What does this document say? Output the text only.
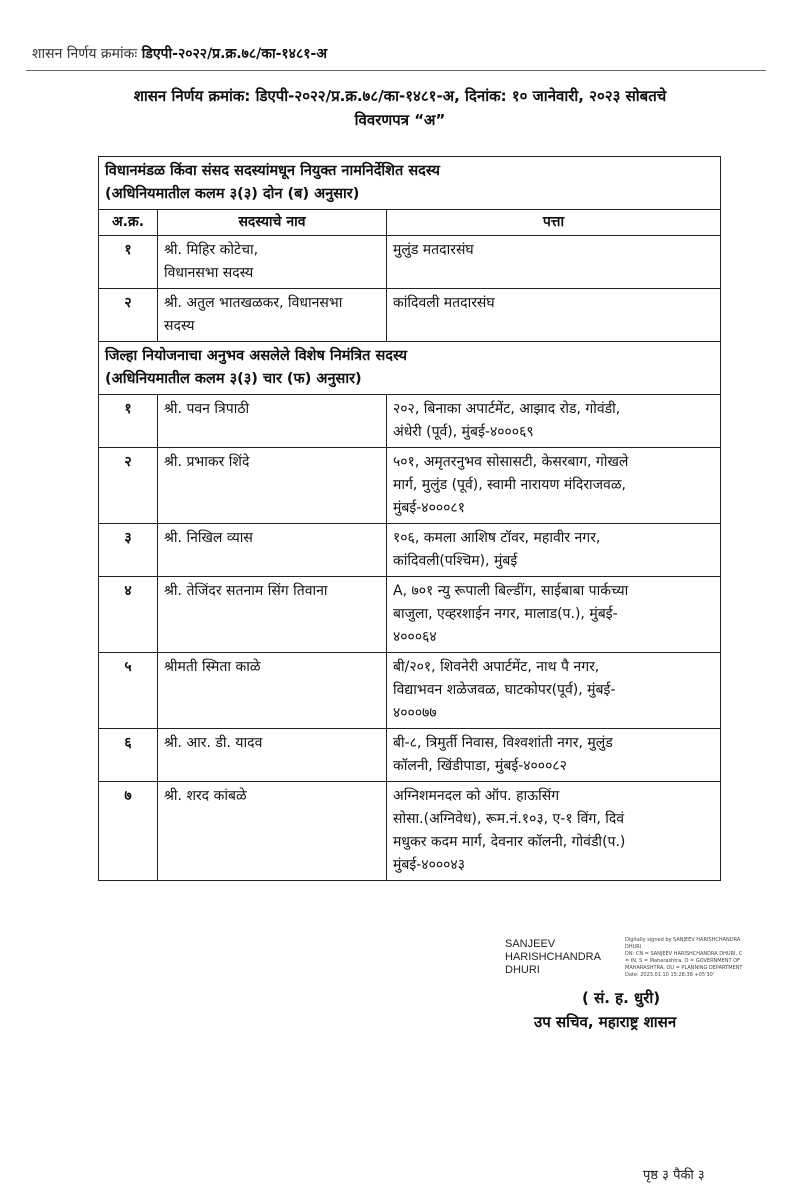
शासन निर्णय क्रमांकः डिएपी-२०२२/प्र.क्र.७८/का-१४८१-अ
शासन निर्णय क्रमांक: डिएपी-२०२२/प्र.क्र.७८/का-१४८१-अ, दिनांक: १० जानेवारी, २०२३ सोबतचे
विवरणपत्र “अ”
विधानमंडळ किंवा संसद सदस्यांमधून नियुक्त नामनिर्देशित सदस्य
(अधिनियमातील कलम ३(३) दोन (ब) अनुसार)		

अ.क्र.	सदस्याचे नाव	पत्ता
१	श्री. मिहिर कोटेचा,
विधानसभा सदस्य	मुलुंड मतदारसंघ

२	श्री. अतुल भातखळकर, विधानसभा
सदस्य	कांदिवली मतदारसंघ

जिल्हा नियोजनाचा अनुभव असलेले विशेष निमंत्रित सदस्य
(अधिनियमातील कलम ३(३) चार (फ) अनुसार)		

१	श्री. पवन त्रिपाठी	२०२, बिनाका अपार्टमेंट, आझाद रोड, गोवंडी,
अंधेरी (पूर्व), मुंबई-४०००६९

२	श्री. प्रभाकर शिंदे	५०१, अमृतरनुभव सोसासटी, केसरबाग, गोखले
मार्ग, मुलुंड (पूर्व), स्वामी नारायण मंदिराजवळ,
मुंबई-४०००८१

३	श्री. निखिल व्यास	१०६, कमला आशिष टॉवर, महावीर नगर,
कांदिवली(पश्चिम), मुंबई

४	श्री. तेजिंदर सतनाम सिंग तिवाना	A, ७०१ न्यु रूपाली बिल्डींग, साईबाबा पार्कच्या
बाजुला, एव्हरशाईन नगर, मालाड(प.), मुंबई-
४०००६४

५	श्रीमती स्मिता काळे	बी/२०१, शिवनेरी अपार्टमेंट, नाथ पै नगर,
विद्याभवन शळेजवळ, घाटकोपर(पूर्व), मुंबई-
४०००७७

६	श्री. आर. डी. यादव	बी-८, त्रिमुर्ती निवास, विश्वशांती नगर, मुलुंड
कॉलनी, खिंडीपाडा, मुंबई-४०००८२

७	श्री. शरद कांबळे	अग्निशमनदल को ऑप. हाऊसिंग
सोसा.(अग्निवेध), रूम.नं.१०३, ए-१ विंग, दिवं
मधुकर कदम मार्ग, देवनार कॉलनी, गोवंडी(प.)
मुंबई-४०००४३
SANJEEV
HARISHCHANDRA
DHURI
Digitally signed by SANJEEV HARISHCHANDRA
DHURI
DN: CN = SANJEEV HARISHCHANDRA DHURI, C
= IN, S = Maharashtra, O = GOVERNMENT OF
MAHARASHTRA, OU = PLANNING DEPARTMENT
Date: 2023.01.10 15:28:38 +05'30'
( सं. ह. धुरी)
उप सचिव, महाराष्ट्र शासन
पृष्ठ ३ पैकी ३
